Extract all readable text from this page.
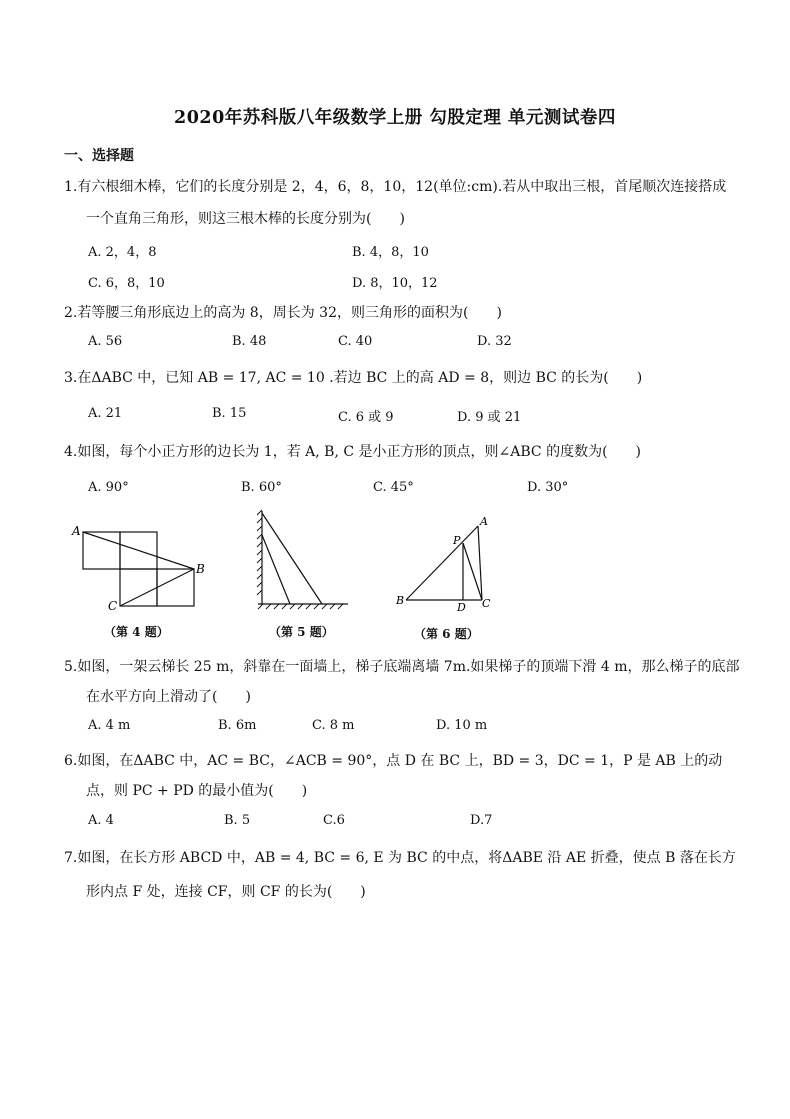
2020年苏科版八年级数学上册 勾股定理 单元测试卷四
一、选择题
1.有六根细木棒，它们的长度分别是 2，4，6，8，10，12(单位:cm).若从中取出三根，首尾顺次连接搭成
一个直角三角形，则这三根木棒的长度分别为(　　)
A. 2，4，8	B. 4，8，10
C. 6，8，10	D. 8，10，12
2.若等腰三角形底边上的高为 8，周长为 32，则三角形的面积为(　　)
A. 56	B. 48	C. 40	D. 32
3.在ΔABC 中，已知 AB = 17, AC = 10 .若边 BC 上的高 AD = 8，则边 BC 的长为(　　)
A. 21	B. 15	C. 6 或 9	D. 9 或 21
4.如图，每个小正方形的边长为 1，若 A, B, C 是小正方形的顶点，则∠ABC 的度数为(　　)
A. 90°	B. 60°	C. 45°	D. 30°
A
B
C
（第 4 题）	（第 5 题）
A
P
B
D C
（第 6 题）
5.如图，一架云梯长 25 m，斜靠在一面墙上，梯子底端离墙 7m.如果梯子的顶端下滑 4 m，那么梯子的底部
在水平方向上滑动了(　　)
A. 4 m	B. 6m	C. 8 m	D. 10 m
6.如图，在ΔABC 中，AC = BC，∠ACB = 90°，点 D 在 BC 上，BD = 3，DC = 1，P 是 AB 上的动
点，则 PC + PD 的最小值为(　　)
A. 4	B. 5	C.6	D.7
7.如图，在长方形 ABCD 中，AB = 4, BC = 6, E 为 BC 的中点，将ΔABE 沿 AE 折叠，使点 B 落在长方
形内点 F 处，连接 CF，则 CF 的长为(　　)
